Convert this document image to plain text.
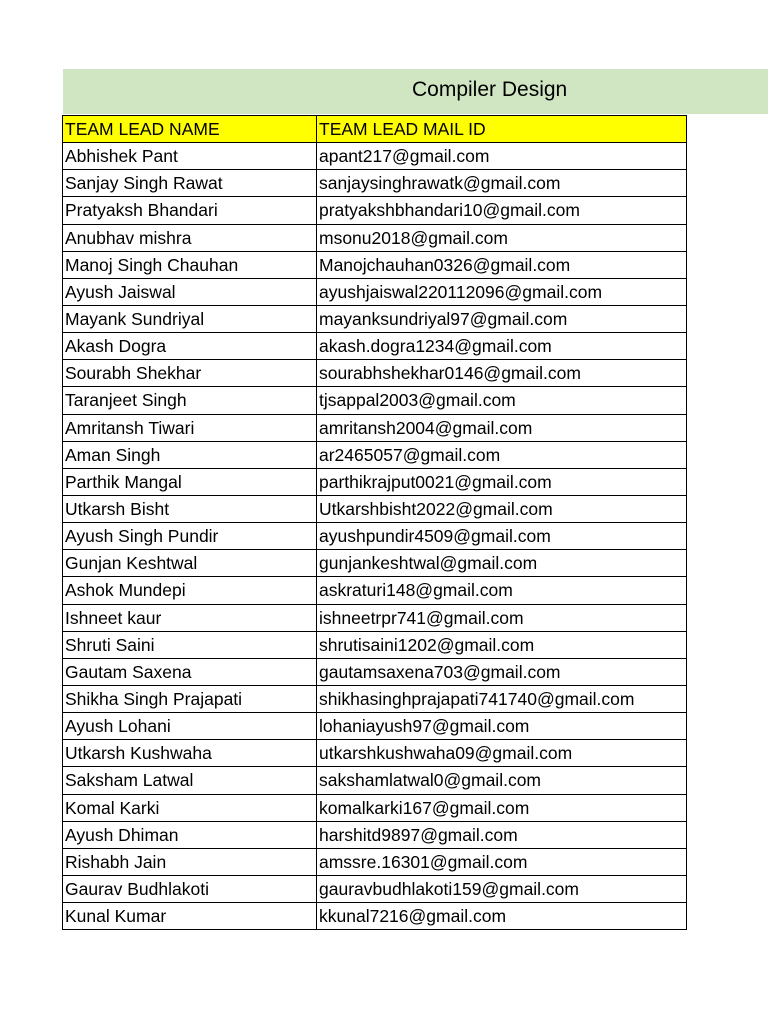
Compiler Design
TEAM LEAD NAME	TEAM LEAD MAIL ID
Abhishek Pant	apant217@gmail.com
Sanjay Singh Rawat	sanjaysinghrawatk@gmail.com
Pratyaksh Bhandari	pratyakshbhandari10@gmail.com
Anubhav mishra	msonu2018@gmail.com
Manoj Singh Chauhan	Manojchauhan0326@gmail.com
Ayush Jaiswal	ayushjaiswal220112096@gmail.com
Mayank Sundriyal	mayanksundriyal97@gmail.com
Akash Dogra	akash.dogra1234@gmail.com
Sourabh Shekhar	sourabhshekhar0146@gmail.com
Taranjeet Singh	tjsappal2003@gmail.com
Amritansh Tiwari	amritansh2004@gmail.com
Aman Singh	ar2465057@gmail.com
Parthik Mangal	parthikrajput0021@gmail.com
Utkarsh Bisht	Utkarshbisht2022@gmail.com
Ayush Singh Pundir	ayushpundir4509@gmail.com
Gunjan Keshtwal	gunjankeshtwal@gmail.com
Ashok Mundepi	askraturi148@gmail.com
Ishneet kaur	ishneetrpr741@gmail.com
Shruti Saini	shrutisaini1202@gmail.com
Gautam Saxena	gautamsaxena703@gmail.com
Shikha Singh Prajapati	shikhasinghprajapati741740@gmail.com
Ayush Lohani	lohaniayush97@gmail.com
Utkarsh Kushwaha	utkarshkushwaha09@gmail.com
Saksham Latwal	sakshamlatwal0@gmail.com
Komal Karki	komalkarki167@gmail.com
Ayush Dhiman	harshitd9897@gmail.com
Rishabh Jain	amssre.16301@gmail.com
Gaurav Budhlakoti	gauravbudhlakoti159@gmail.com
Kunal Kumar	kkunal7216@gmail.com
